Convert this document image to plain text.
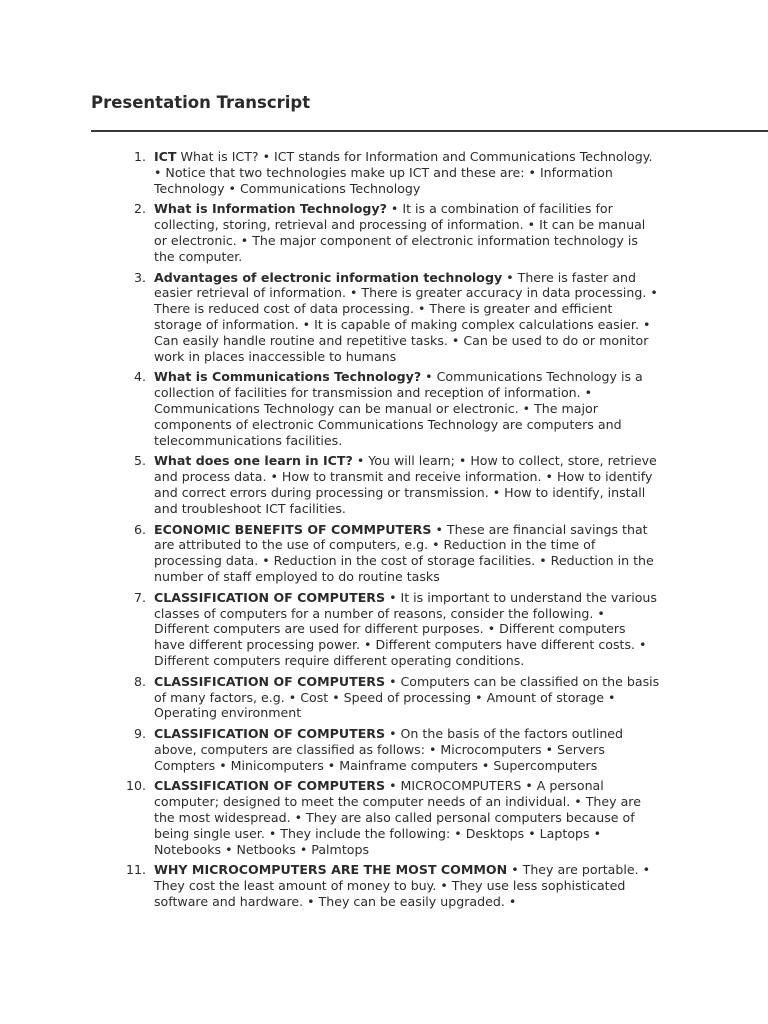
Presentation Transcript
1. ICT What is ICT? • ICT stands for Information and Communications Technology. • Notice that two technologies make up ICT and these are: • Information Technology • Communications Technology
2. What is Information Technology? • It is a combination of facilities for collecting, storing, retrieval and processing of information. • It can be manual or electronic. • The major component of electronic information technology is the computer.
3. Advantages of electronic information technology • There is faster and easier retrieval of information. • There is greater accuracy in data processing. • There is reduced cost of data processing. • There is greater and efficient storage of information. • It is capable of making complex calculations easier. • Can easily handle routine and repetitive tasks. • Can be used to do or monitor work in places inaccessible to humans
4. What is Communications Technology? • Communications Technology is a collection of facilities for transmission and reception of information. • Communications Technology can be manual or electronic. • The major components of electronic Communications Technology are computers and telecommunications facilities.
5. What does one learn in ICT? • You will learn; • How to collect, store, retrieve and process data. • How to transmit and receive information. • How to identify and correct errors during processing or transmission. • How to identify, install and troubleshoot ICT facilities.
6. ECONOMIC BENEFITS OF COMMPUTERS • These are financial savings that are attributed to the use of computers, e.g. • Reduction in the time of processing data. • Reduction in the cost of storage facilities. • Reduction in the number of staff employed to do routine tasks
7. CLASSIFICATION OF COMPUTERS • It is important to understand the various classes of computers for a number of reasons, consider the following. • Different computers are used for different purposes. • Different computers have different processing power. • Different computers have different costs. • Different computers require different operating conditions.
8. CLASSIFICATION OF COMPUTERS • Computers can be classified on the basis of many factors, e.g. • Cost • Speed of processing • Amount of storage • Operating environment
9. CLASSIFICATION OF COMPUTERS • On the basis of the factors outlined above, computers are classified as follows: • Microcomputers • Servers Compters • Minicomputers • Mainframe computers • Supercomputers
10. CLASSIFICATION OF COMPUTERS • MICROCOMPUTERS • A personal computer; designed to meet the computer needs of an individual. • They are the most widespread. • They are also called personal computers because of being single user. • They include the following: • Desktops • Laptops • Notebooks • Netbooks • Palmtops
11. WHY MICROCOMPUTERS ARE THE MOST COMMON • They are portable. • They cost the least amount of money to buy. • They use less sophisticated software and hardware. • They can be easily upgraded. •
